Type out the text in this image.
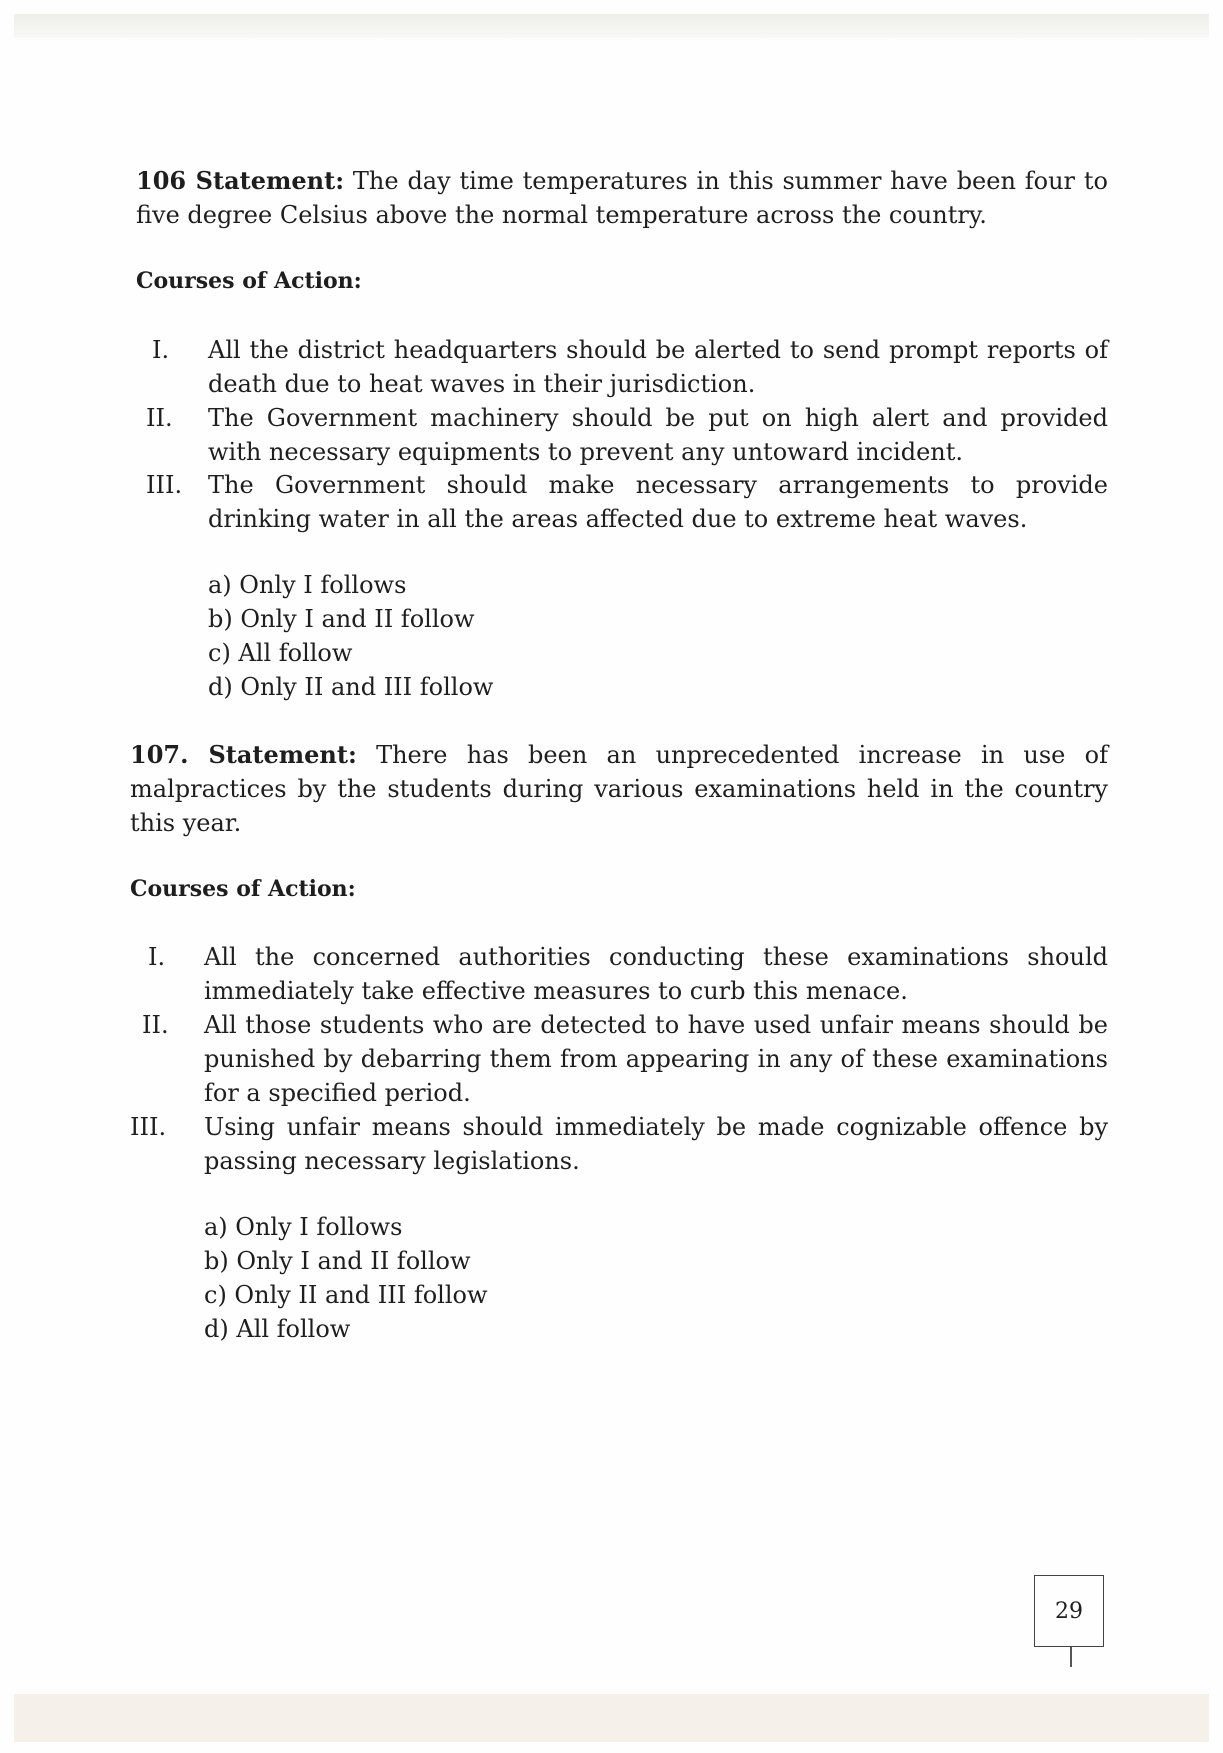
106 Statement: The day time temperatures in this summer have been four to five degree Celsius above the normal temperature across the country.
Courses of Action:
I. All the district headquarters should be alerted to send prompt reports of death due to heat waves in their jurisdiction.
II. The Government machinery should be put on high alert and provided with necessary equipments to prevent any untoward incident.
III. The Government should make necessary arrangements to provide drinking water in all the areas affected due to extreme heat waves.
a) Only I follows
b) Only I and II follow
c) All follow
d) Only II and III follow
107. Statement: There has been an unprecedented increase in use of malpractices by the students during various examinations held in the country this year.
Courses of Action:
I. All the concerned authorities conducting these examinations should immediately take effective measures to curb this menace.
II. All those students who are detected to have used unfair means should be punished by debarring them from appearing in any of these examinations for a specified period.
III. Using unfair means should immediately be made cognizable offence by passing necessary legislations.
a) Only I follows
b) Only I and II follow
c) Only II and III follow
d) All follow
29
